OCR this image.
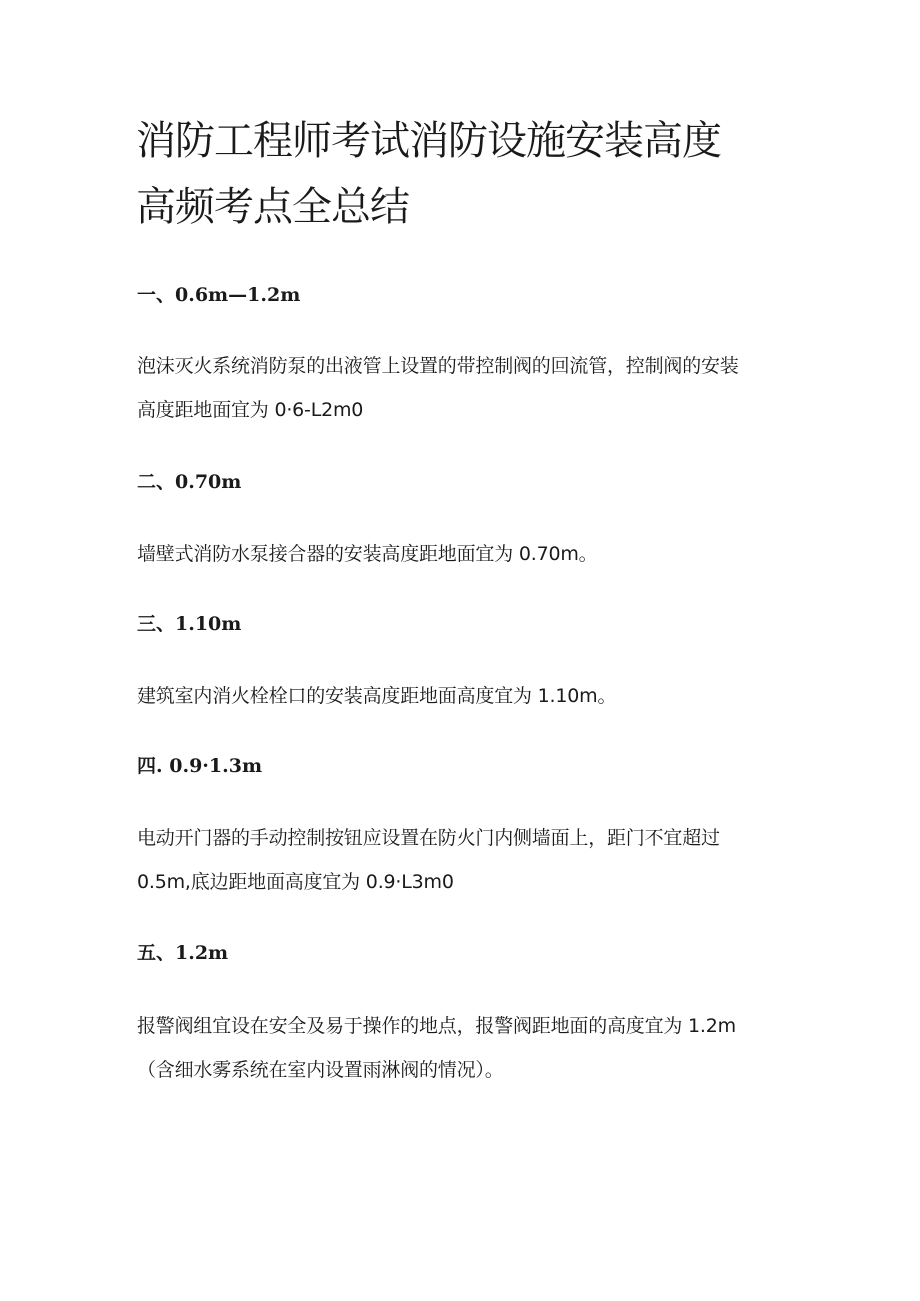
消防工程师考试消防设施安装高度
高频考点全总结
一、0.6m—1.2m

泡沫灭火系统消防泵的出液管上设置的带控制阀的回流管，控制阀的安装
高度距地面宜为 0·6-L2m0

二、0.70m

墙壁式消防水泵接合器的安装高度距地面宜为 0.70m。

三、1.10m

建筑室内消火栓栓口的安装高度距地面高度宜为 1.10m。

四. 0.9·1.3m

电动开门器的手动控制按钮应设置在防火门内侧墙面上，距门不宜超过
0.5m,底边距地面高度宜为 0.9·L3m0

五、1.2m

报警阀组宜设在安全及易于操作的地点，报警阀距地面的高度宜为 1.2m
（含细水雾系统在室内设置雨淋阀的情况）。
